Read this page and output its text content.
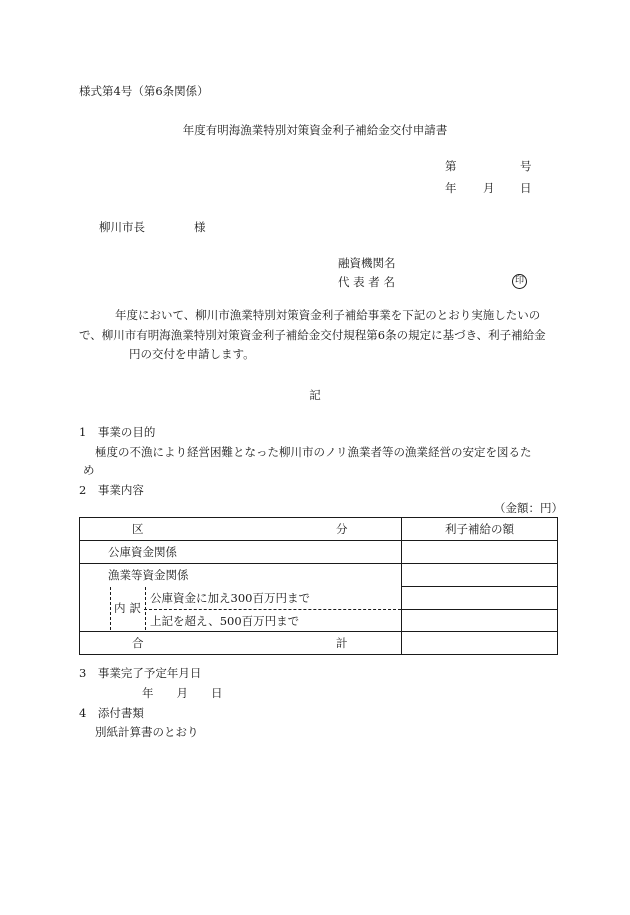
様式第4号（第6条関係）
年度有明海漁業特別対策資金利子補給金交付申請書
第	号
年 月 日
柳川市長	様
融資機関名
代 表 者 名	印
年度において、柳川市漁業特別対策資金利子補給事業を下記のとおり実施したいの
で、柳川市有明海漁業特別対策資金利子補給金交付規程第6条の規定に基づき、利子補給金
円の交付を申請します。
記
1　事業の目的
極度の不漁により経営困難となった柳川市のノリ漁業者等の漁業経営の安定を図るた
め
2　事業内容
（金額：円）
区 分	利子補給の額
公庫資金関係	
漁業等資金関係	

内訳
公庫資金に加え300百万円まで
上記を超え、500百万円まで	

合 計	

3　事業完了予定年月日
年　　月　　日
4　添付書類
別紙計算書のとおり
